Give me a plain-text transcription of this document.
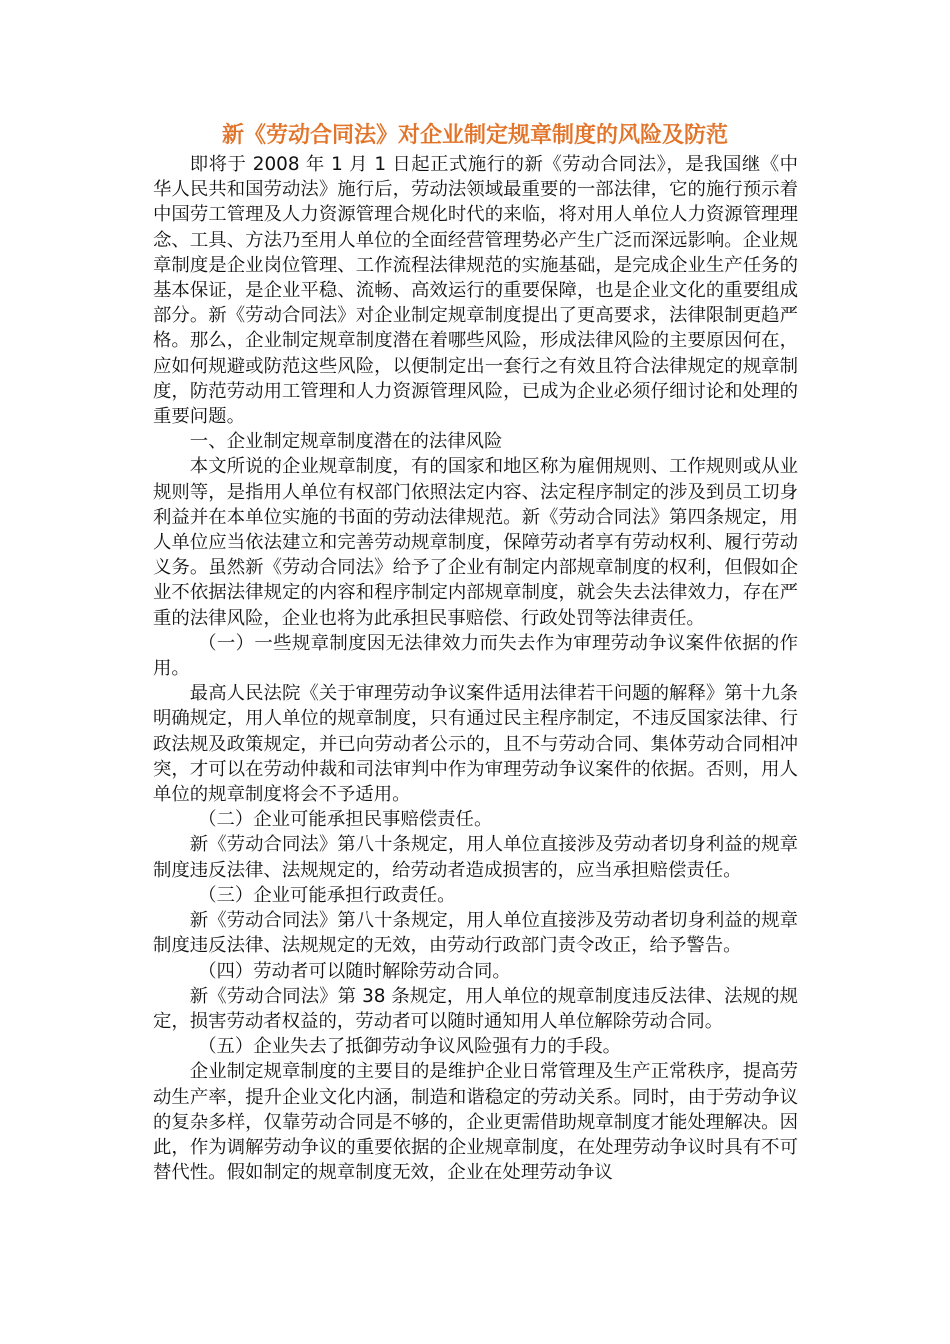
新《劳动合同法》对企业制定规章制度的风险及防范

即将于 2008 年 1 月 1 日起正式施行的新《劳动合同法》，是我国继《中华人民共和国劳动法》施行后，劳动法领域最重要的一部法律，它的施行预示着中国劳工管理及人力资源管理合规化时代的来临，将对用人单位人力资源管理理念、工具、方法乃至用人单位的全面经营管理势必产生广泛而深远影响。企业规章制度是企业岗位管理、工作流程法律规范的实施基础，是完成企业生产任务的基本保证，是企业平稳、流畅、高效运行的重要保障，也是企业文化的重要组成部分。新《劳动合同法》对企业制定规章制度提出了更高要求，法律限制更趋严格。那么，企业制定规章制度潜在着哪些风险，形成法律风险的主要原因何在，应如何规避或防范这些风险，以便制定出一套行之有效且符合法律规定的规章制度，防范劳动用工管理和人力资源管理风险，已成为企业必须仔细讨论和处理的重要问题。

一、企业制定规章制度潜在的法律风险

本文所说的企业规章制度，有的国家和地区称为雇佣规则、工作规则或从业规则等，是指用人单位有权部门依照法定内容、法定程序制定的涉及到员工切身利益并在本单位实施的书面的劳动法律规范。新《劳动合同法》第四条规定，用人单位应当依法建立和完善劳动规章制度，保障劳动者享有劳动权利、履行劳动义务。虽然新《劳动合同法》给予了企业有制定内部规章制度的权利，但假如企业不依据法律规定的内容和程序制定内部规章制度，就会失去法律效力，存在严重的法律风险，企业也将为此承担民事赔偿、行政处罚等法律责任。

（一）一些规章制度因无法律效力而失去作为审理劳动争议案件依据的作用。

最高人民法院《关于审理劳动争议案件适用法律若干问题的解释》第十九条明确规定，用人单位的规章制度，只有通过民主程序制定，不违反国家法律、行政法规及政策规定，并已向劳动者公示的，且不与劳动合同、集体劳动合同相冲突，才可以在劳动仲裁和司法审判中作为审理劳动争议案件的依据。否则，用人单位的规章制度将会不予适用。

（二）企业可能承担民事赔偿责任。

新《劳动合同法》第八十条规定，用人单位直接涉及劳动者切身利益的规章制度违反法律、法规规定的，给劳动者造成损害的，应当承担赔偿责任。

（三）企业可能承担行政责任。

新《劳动合同法》第八十条规定，用人单位直接涉及劳动者切身利益的规章制度违反法律、法规规定的无效，由劳动行政部门责令改正，给予警告。

（四）劳动者可以随时解除劳动合同。

新《劳动合同法》第 38 条规定，用人单位的规章制度违反法律、法规的规定，损害劳动者权益的，劳动者可以随时通知用人单位解除劳动合同。

（五）企业失去了抵御劳动争议风险强有力的手段。

企业制定规章制度的主要目的是维护企业日常管理及生产正常秩序，提高劳动生产率，提升企业文化内涵，制造和谐稳定的劳动关系。同时，由于劳动争议的复杂多样，仅靠劳动合同是不够的，企业更需借助规章制度才能处理解决。因此，作为调解劳动争议的重要依据的企业规章制度，在处理劳动争议时具有不可替代性。假如制定的规章制度无效，企业在处理劳动争议
